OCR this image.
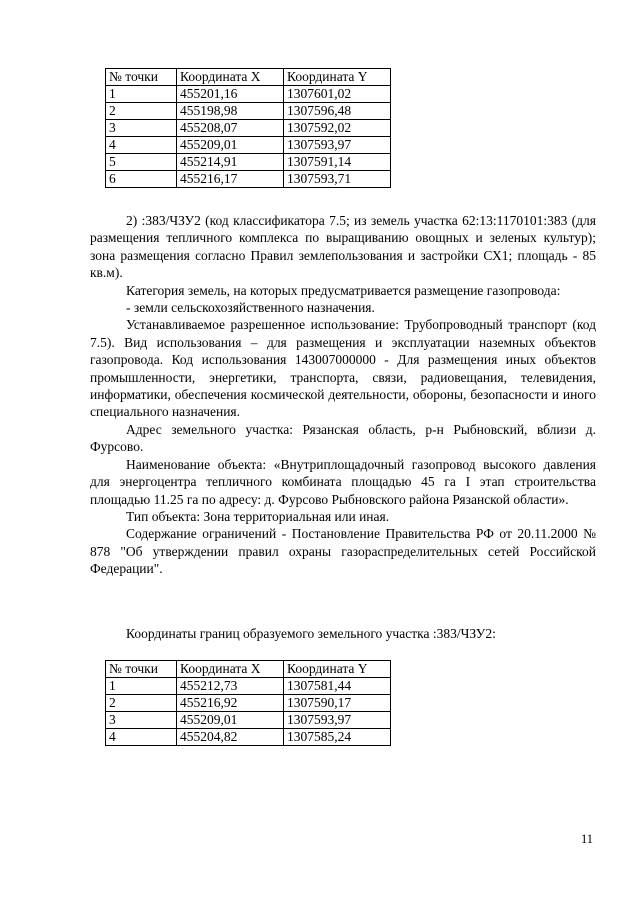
№ точки	Координата X	Координата Y
1	455201,16	1307601,02
2	455198,98	1307596,48
3	455208,07	1307592,02
4	455209,01	1307593,97
5	455214,91	1307591,14
6	455216,17	1307593,71

2) :383/ЧЗУ2 (код классификатора 7.5; из земель участка 62:13:1170101:383 (для размещения тепличного комплекса по выращиванию овощных и зеленых культур); зона размещения согласно Правил землепользования и застройки СХ1; площадь - 85 кв.м).

Категория земель, на которых предусматривается размещение газопровода:

- земли сельскохозяйственного назначения.

Устанавливаемое разрешенное использование: Трубопроводный транспорт (код 7.5). Вид использования – для размещения и эксплуатации наземных объектов газопровода. Код использования 143007000000 - Для размещения иных объектов промышленности, энергетики, транспорта, связи, радиовещания, телевидения, информатики, обеспечения космической деятельности, обороны, безопасности и иного специального назначения.

Адрес земельного участка: Рязанская область, р-н Рыбновский, вблизи д. Фурсово.

Наименование объекта: «Внутриплощадочный газопровод высокого давления для энергоцентра тепличного комбината площадью 45 га I этап строительства площадью 11.25 га по адресу: д. Фурсово Рыбновского района Рязанской области».

Тип объекта: Зона территориальная или иная.

Содержание ограничений - Постановление Правительства РФ от 20.11.2000 № 878 "Об утверждении правил охраны газораспределительных сетей Российской Федерации".

Координаты границ образуемого земельного участка :383/ЧЗУ2:
№ точки	Координата X	Координата Y
1	455212,73	1307581,44
2	455216,92	1307590,17
3	455209,01	1307593,97
4	455204,82	1307585,24
11
